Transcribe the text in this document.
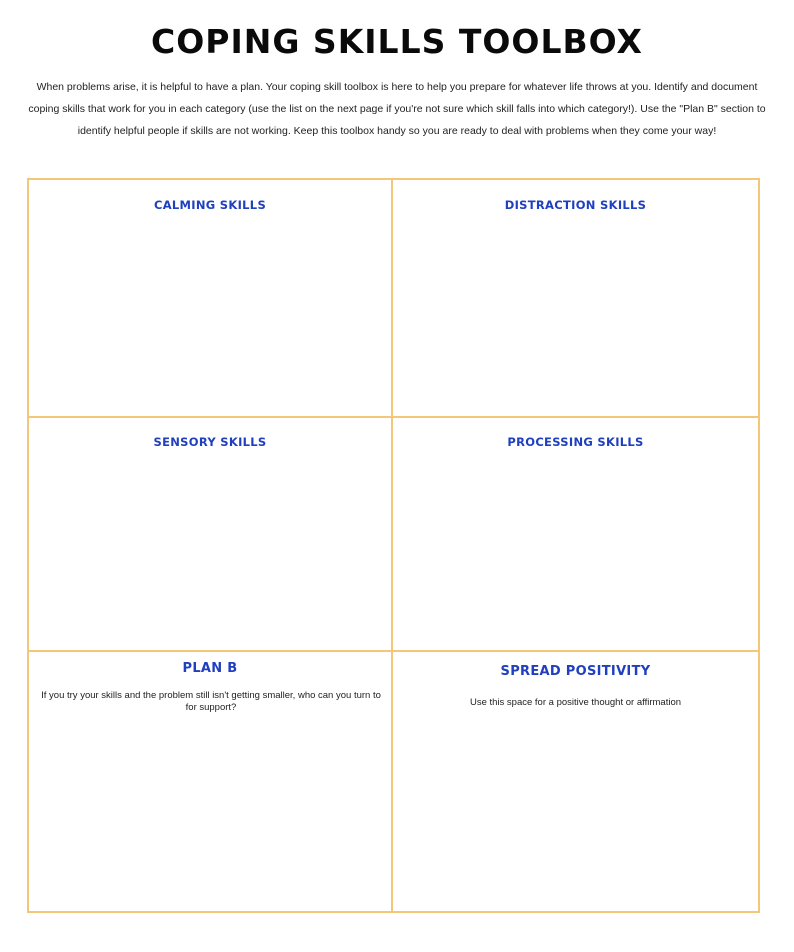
COPING SKILLS TOOLBOX
When problems arise, it is helpful to have a plan. Your coping skill toolbox is here to help you prepare for whatever life throws at you. Identify and document coping skills that work for you in each category (use the list on the next page if you're not sure which skill falls into which category!). Use the "Plan B" section to identify helpful people if skills are not working. Keep this toolbox handy so you are ready to deal with problems when they come your way!
CALMING SKILLS	DISTRACTION SKILLS
SENSORY SKILLS	PROCESSING SKILLS
PLAN B
If you try your skills and the problem still isn't getting smaller, who can you turn to for support?
SPREAD POSITIVITY
Use this space for a positive thought or affirmation
